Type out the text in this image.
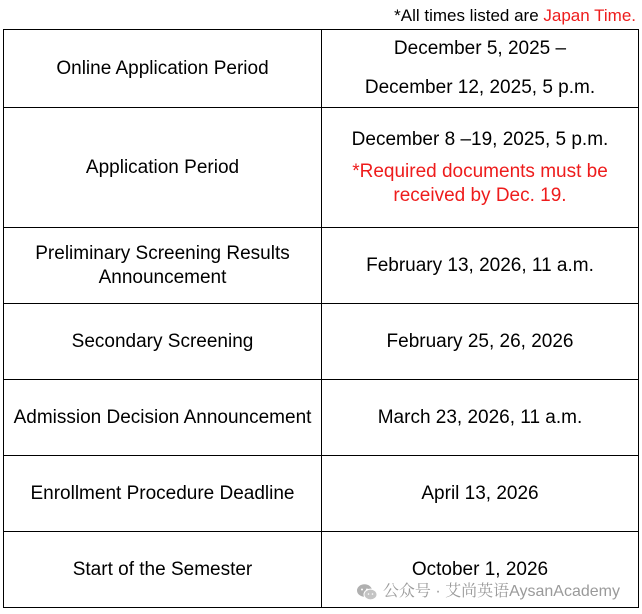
*All times listed are Japan Time.
Online Application Period	December 5, 2025 –
December 12, 2025, 5 p.m.

Application Period	December 8 –19, 2025, 5 p.m.
*Required documents must be received by Dec. 19.

Preliminary Screening Results Announcement	February 13, 2026, 11 a.m.
Secondary Screening	February 25, 26, 2026
Admission Decision Announcement	March 23, 2026, 11 a.m.
Enrollment Procedure Deadline	April 13, 2026
Start of the Semester	October 1, 2026
公众号 · 艾尚英语AysanAcademy
